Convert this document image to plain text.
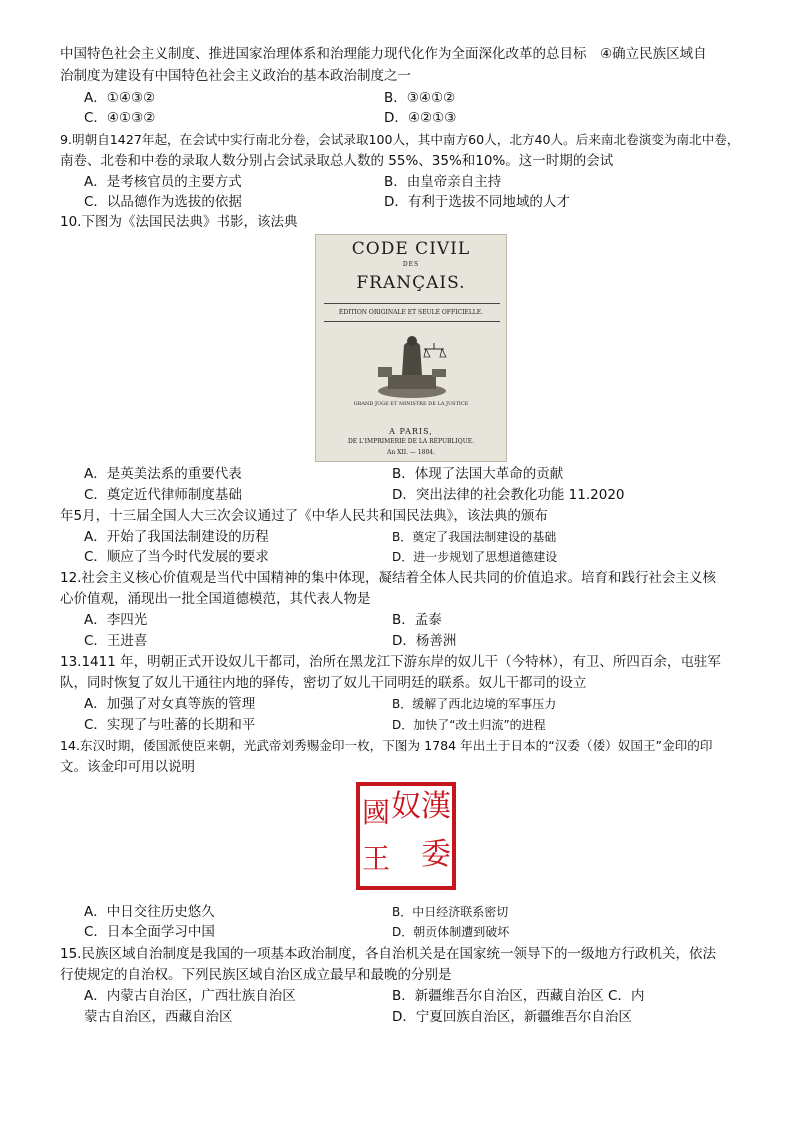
中国特色社会主义制度、推进国家治理体系和治理能力现代化作为全面深化改革的总目标　④确立民族区域自
治制度为建设有中国特色社会主义政治的基本政治制度之一
A．①④③②	B．③④①②
C．④①③②	D．④②①③
9.明朝自1427年起，在会试中实行南北分卷，会试录取100人，其中南方60人，北方40人。后来南北卷演变为南北中卷，
南卷、北卷和中卷的录取人数分别占会试录取总人数的 55%、35%和10%。这一时期的会试
A．是考核官员的主要方式	B．由皇帝亲自主持
C．以品德作为选拔的依据	D．有利于选拔不同地域的人才
10.下图为《法国民法典》书影，该法典
CODE CIVIL
DES
FRANÇAIS.
ÉDITION ORIGINALE ET SEULE OFFICIELLE.
GRAND JUGE ET MINISTRE DE LA JUSTICE
A PARIS,
DE L'IMPRIMERIE DE LA RÉPUBLIQUE.
An XII. — 1804.
A．是英美法系的重要代表	B．体现了法国大革命的贡献
C．奠定近代律师制度基础	D．突出法律的社会教化功能 11.2020
年5月，十三届全国人大三次会议通过了《中华人民共和国民法典》，该法典的颁布
A．开始了我国法制建设的历程	B．奠定了我国法制建设的基础
C．顺应了当今时代发展的要求	D．进一步规划了思想道德建设
12.社会主义核心价值观是当代中国精神的集中体现，凝结着全体人民共同的价值追求。培育和践行社会主义核
心价值观，涌现出一批全国道德模范，其代表人物是
A．李四光	B．孟泰
C．王进喜	D．杨善洲
13.1411 年，明朝正式开设奴儿干都司，治所在黑龙江下游东岸的奴儿干（今特林），有卫、所四百余，屯驻军
队，同时恢复了奴儿干通往内地的驿传，密切了奴儿干同明廷的联系。奴儿干都司的设立
A．加强了对女真等族的管理	B．缓解了西北边境的军事压力
C．实现了与吐蕃的长期和平	D．加快了“改土归流”的进程
14.东汉时期，倭国派使臣来朝，光武帝刘秀赐金印一枚，下图为 1784 年出土于日本的“汉委（倭）奴国王”金印的印
文。该金印可用以说明
漢
委
奴
國
王
A．中日交往历史悠久	B．中日经济联系密切
C．日本全面学习中国	D．朝贡体制遭到破坏
15.民族区域自治制度是我国的一项基本政治制度，各自治机关是在国家统一领导下的一级地方行政机关，依法
行使规定的自治权。下列民族区域自治区成立最早和最晚的分别是
A．内蒙古自治区，广西壮族自治区	B．新疆维吾尔自治区，西藏自治区 C．内
蒙古自治区，西藏自治区	D．宁夏回族自治区，新疆维吾尔自治区
